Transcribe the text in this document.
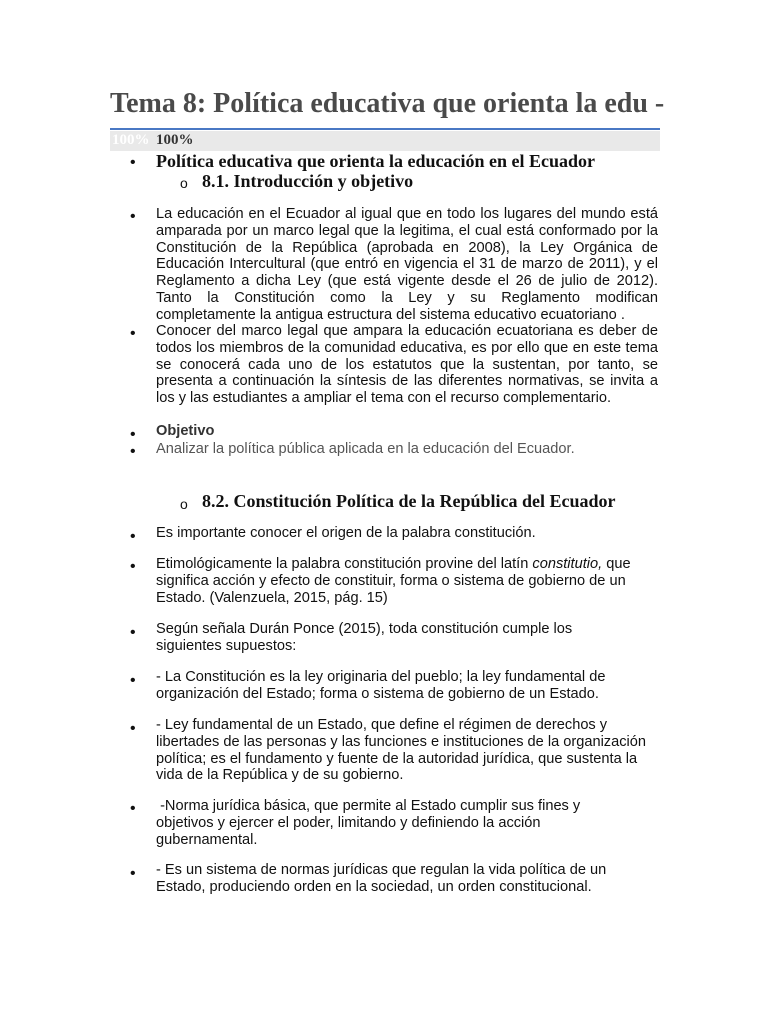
Tema 8: Política educativa que orienta la edu -
100% 100%
• Política educativa que orienta la educación en el Ecuador
o 8.1. Introducción y objetivo
• La educación en el Ecuador al igual que en todo los lugares del mundo está amparada por un marco legal que la legitima, el cual está conformado por la Constitución de la República (aprobada en 2008), la Ley Orgánica de Educación Intercultural (que entró en vigencia el 31 de marzo de 2011), y el Reglamento a dicha Ley (que está vigente desde el 26 de julio de 2012). Tanto la Constitución como la Ley y su Reglamento modifican completamente la antigua estructura del sistema educativo ecuatoriano .

• Conocer del marco legal que ampara la educación ecuatoriana es deber de todos los miembros de la comunidad educativa, es por ello que en este tema se conocerá cada uno de los estatutos que la sustentan, por tanto, se presenta a continuación la síntesis de las diferentes normativas, se invita a los y las estudiantes a ampliar el tema con el recurso complementario.

• Objetivo

• Analizar la política pública aplicada en la educación del Ecuador.

o 8.2. Constitución Política de la República del Ecuador
• Es importante conocer el origen de la palabra constitución.

• Etimológicamente la palabra constitución provine del latín constitutio, que significa acción y efecto de constituir, forma o sistema de gobierno de un Estado. (Valenzuela, 2015, pág. 15)

• Según señala Durán Ponce (2015), toda constitución cumple los siguientes supuestos:

• - La Constitución es la ley originaria del pueblo; la ley fundamental de organización del Estado; forma o sistema de gobierno de un Estado.

• - Ley fundamental de un Estado, que define el régimen de derechos y libertades de las personas y las funciones e instituciones de la organización política; es el fundamento y fuente de la autoridad jurídica, que sustenta la vida de la República y de su gobierno.

• -Norma jurídica básica, que permite al Estado cumplir sus fines y objetivos y ejercer el poder, limitando y definiendo la acción gubernamental.

• - Es un sistema de normas jurídicas que regulan la vida política de un Estado, produciendo orden en la sociedad, un orden constitucional.
